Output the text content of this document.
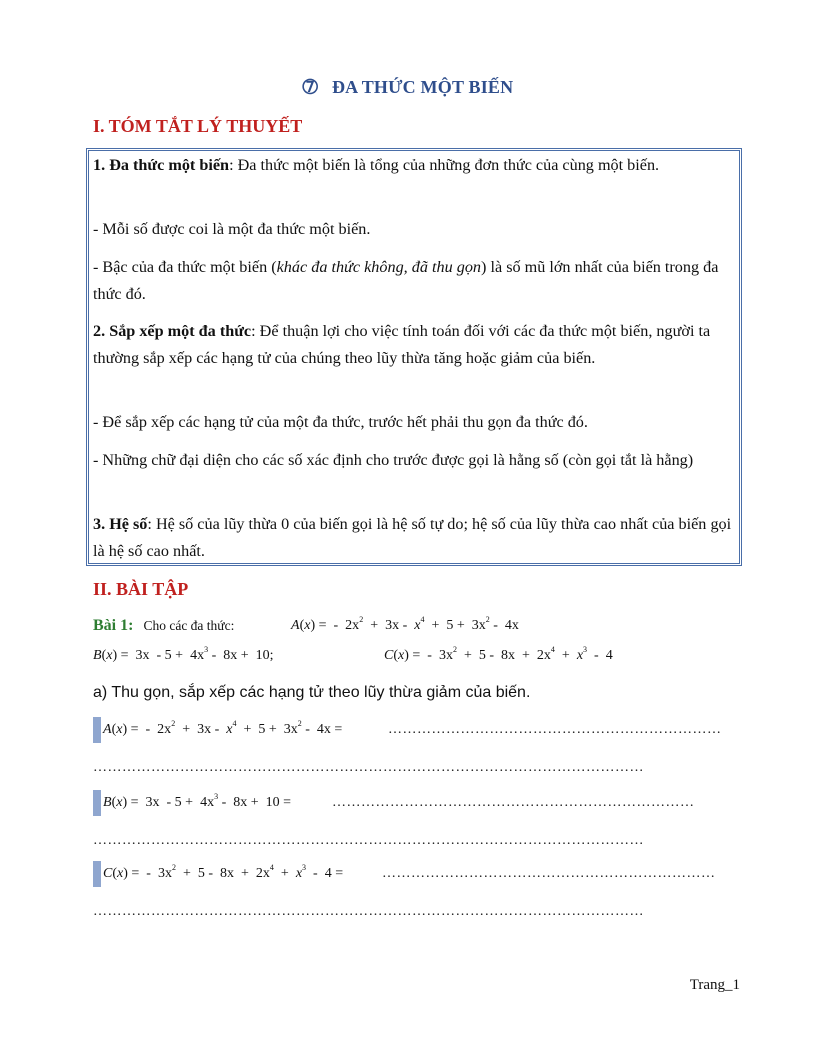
➆ ĐA THỨC MỘT BIẾN
I. TÓM TẮT LÝ THUYẾT
1. Đa thức một biến: Đa thức một biến là tổng của những đơn thức của cùng một biến.
- Mỗi số được coi là một đa thức một biến.
- Bậc của đa thức một biến (khác đa thức không, đã thu gọn) là số mũ lớn nhất của biến trong đa thức đó.
2. Sắp xếp một đa thức: Để thuận lợi cho việc tính toán đối với các đa thức một biến, người ta thường sắp xếp các hạng tử của chúng theo lũy thừa tăng hoặc giảm của biến.
- Để sắp xếp các hạng tử của một đa thức, trước hết phải thu gọn đa thức đó.
- Những chữ đại diện cho các số xác định cho trước được gọi là hằng số (còn gọi tắt là hằng)
3. Hệ số: Hệ số của lũy thừa 0 của biến gọi là hệ số tự do; hệ số của lũy thừa cao nhất của biến gọi là hệ số cao nhất.
II. BÀI TẬP
Bài 1: Cho các đa thức:	A(x) =  -  $2x^2 + 3x - x^4 + 5 + 3x^2 - 4x$
$B(x) = 3x - 5 + 4x^3 - 8x + 10$;	C(x) =  -  $3x^2 + 5 - 8x + 2x^4 + x^3 - 4$
a) Thu gọn, sắp xếp các hạng tử theo lũy thừa giảm của biến.
A(x) =  -  $2x^2 + 3x - x^4 + 5 + 3x^2 - 4x$ =	……………………………………………………………
……………………………………………………………………………………………………
$B(x) = 3x - 5 + 4x^3 - 8x + 10$ =	…………………………………………………………………
……………………………………………………………………………………………………
C(x) =  -  $3x^2 + 5 - 8x + 2x^4 + x^3 - 4$ =	……………………………………………………………
……………………………………………………………………………………………………
Trang_1
